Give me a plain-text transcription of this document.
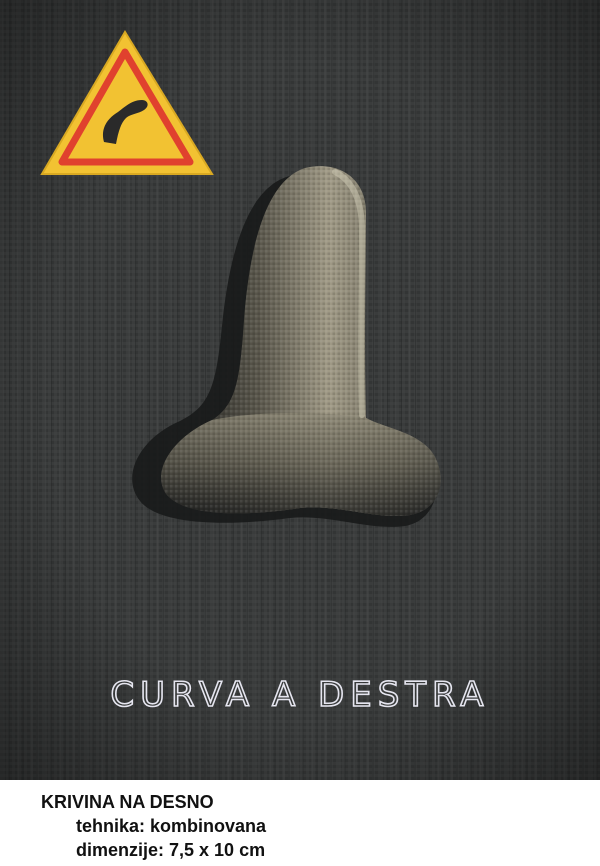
CURVA A DESTRA
KRIVINA NA DESNO
tehnika: kombinovana
dimenzije: 7,5 x 10 cm
